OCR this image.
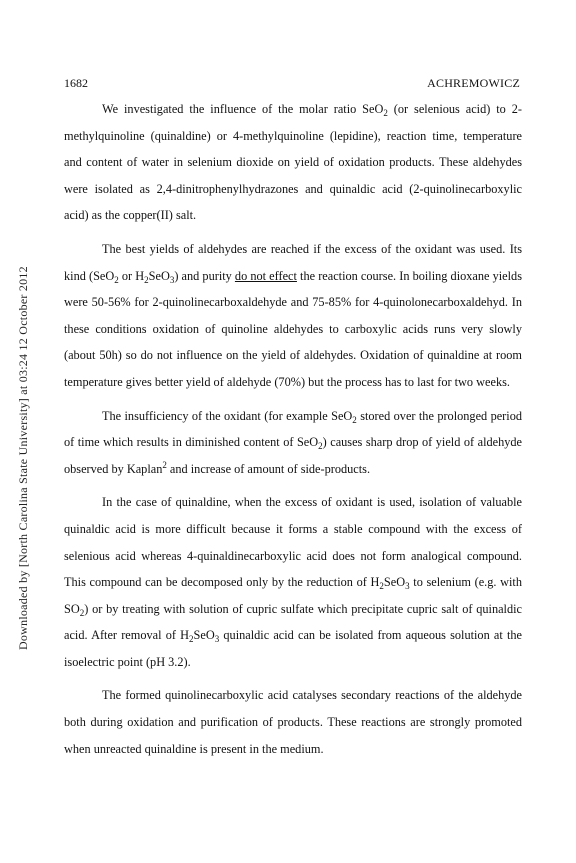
1682	ACHREMOWICZ
Downloaded by [North Carolina State University] at 03:24 12 October 2012

We investigated the influence of the molar ratio SeO$_2$ (or selenious acid) to 2-methylquinoline (quinaldine) or 4-methylquinoline (lepidine), reaction time, temperature and content of water in selenium dioxide on yield of oxidation products. These aldehydes were isolated as 2,4-dinitrophenylhydrazones and quinaldic acid (2-quinolinecarboxylic acid) as the copper(II) salt.

The best yields of aldehydes are reached if the excess of the oxidant was used. Its kind (SeO$_2$ or $H_2SeO_3$) and purity do not effect the reaction course. In boiling dioxane yields were 50-56% for 2-quinolinecarboxaldehyde and 75-85% for 4-quinolonecarboxaldehyd. In these conditions oxidation of quinoline aldehydes to carboxylic acids runs very slowly (about 50h) so do not influence on the yield of aldehydes. Oxidation of quinaldine at room temperature gives better yield of aldehyde (70%) but the process has to last for two weeks.

The insufficiency of the oxidant (for example SeO$_2$ stored over the prolonged period of time which results in diminished content of SeO$_2$) causes sharp drop of yield of aldehyde observed by Kaplan$^2$ and increase of amount of side-products.

In the case of quinaldine, when the excess of oxidant is used, isolation of valuable quinaldic acid is more difficult because it forms a stable compound with the excess of selenious acid whereas 4-quinaldinecarboxylic acid does not form analogical compound. This compound can be decomposed only by the reduction of $H_2SeO_3$ to selenium (e.g. with $SO_2$) or by treating with solution of cupric sulfate which precipitate cupric salt of quinaldic acid. After removal of $H_2SeO_3$ quinaldic acid can be isolated from aqueous solution at the isoelectric point (pH 3.2).

The formed quinolinecarboxylic acid catalyses secondary reactions of the aldehyde both during oxidation and purification of products. These reactions are strongly promoted when unreacted quinaldine is present in the medium.
